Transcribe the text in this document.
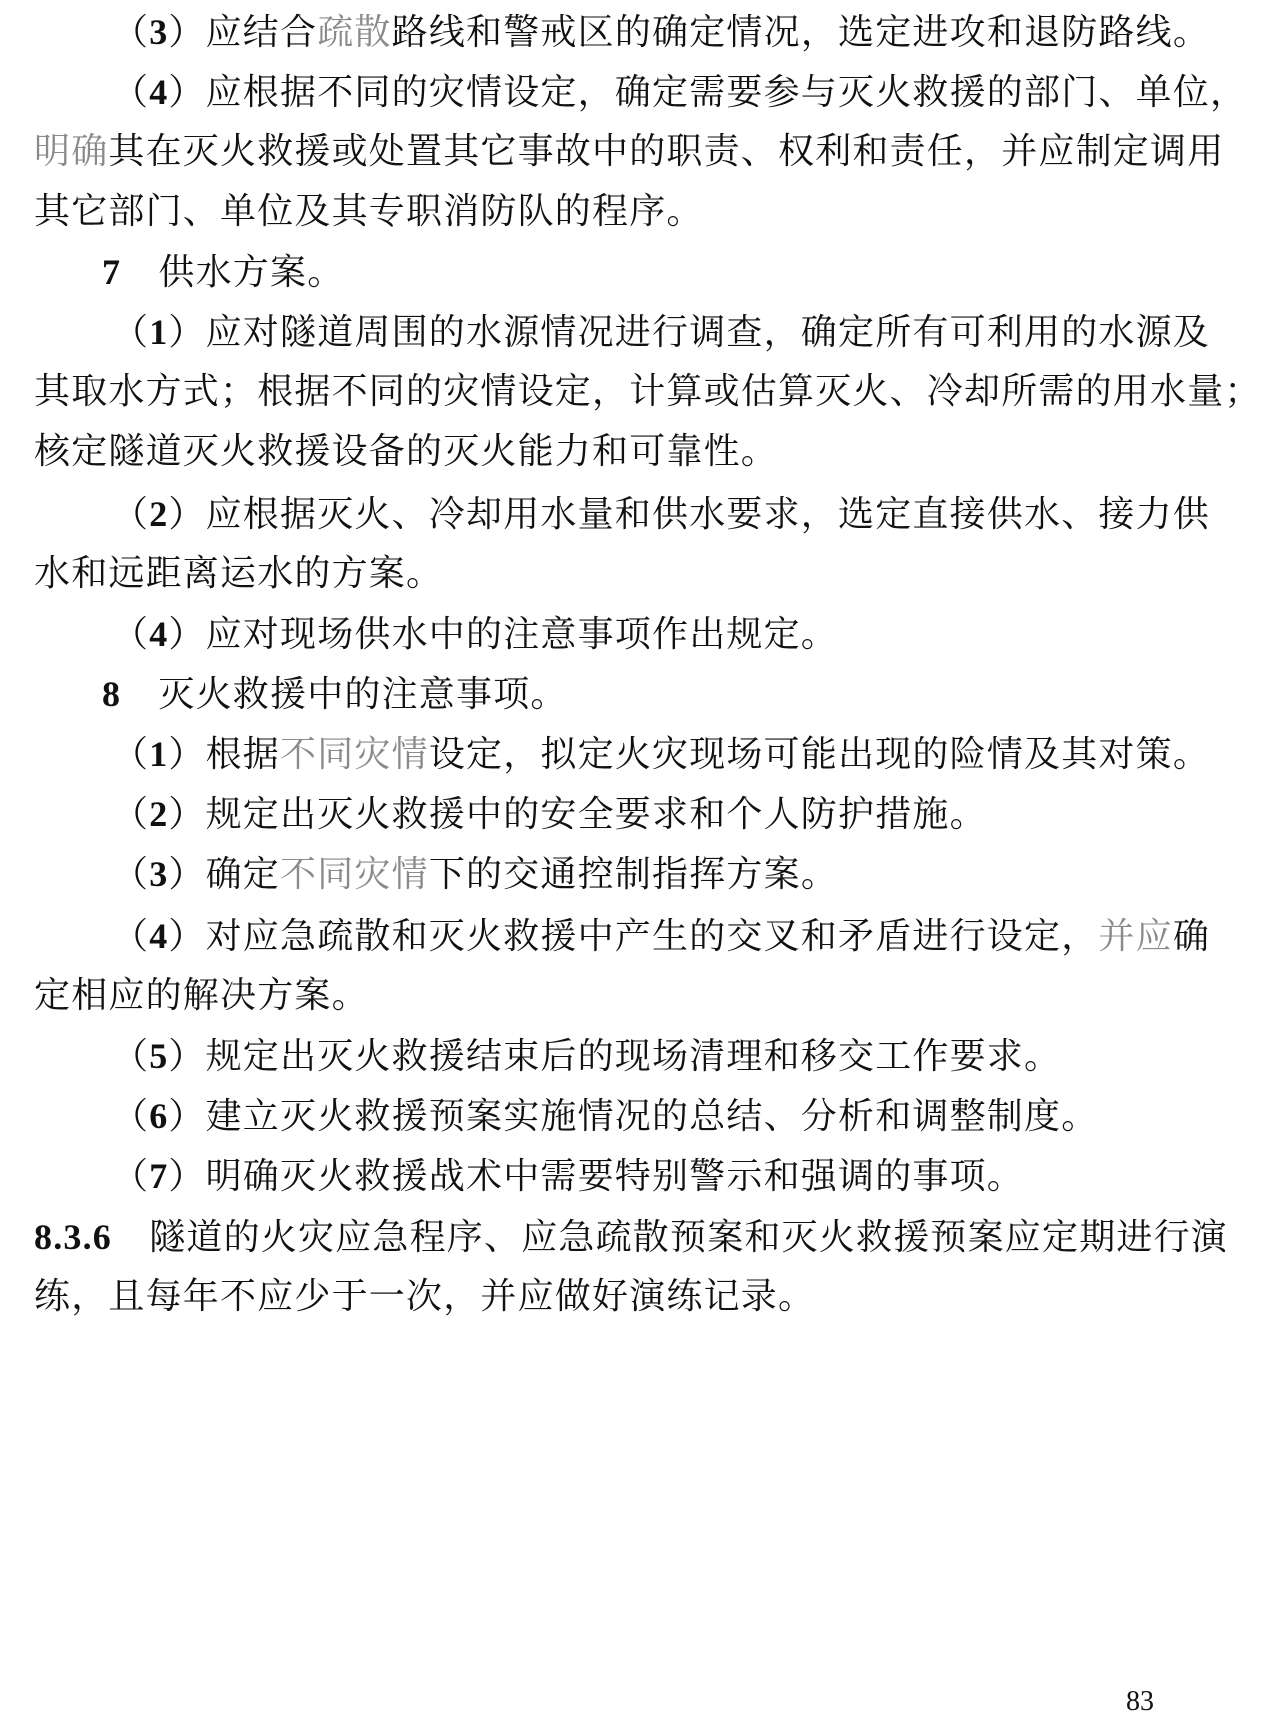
（3）应结合疏散路线和警戒区的确定情况，选定进攻和退防路线。
（4）应根据不同的灾情设定，确定需要参与灭火救援的部门、单位，
明确其在灭火救援或处置其它事故中的职责、权利和责任，并应制定调用
其它部门、单位及其专职消防队的程序。
7　供水方案。
（1）应对隧道周围的水源情况进行调查，确定所有可利用的水源及
其取水方式；根据不同的灾情设定，计算或估算灭火、冷却所需的用水量；
核定隧道灭火救援设备的灭火能力和可靠性。
（2）应根据灭火、冷却用水量和供水要求，选定直接供水、接力供
水和远距离运水的方案。
（4）应对现场供水中的注意事项作出规定。
8　灭火救援中的注意事项。
（1）根据不同灾情设定，拟定火灾现场可能出现的险情及其对策。
（2）规定出灭火救援中的安全要求和个人防护措施。
（3）确定不同灾情下的交通控制指挥方案。
（4）对应急疏散和灭火救援中产生的交叉和矛盾进行设定，并应确
定相应的解决方案。
（5）规定出灭火救援结束后的现场清理和移交工作要求。
（6）建立灭火救援预案实施情况的总结、分析和调整制度。
（7）明确灭火救援战术中需要特别警示和强调的事项。
8.3.6　隧道的火灾应急程序、应急疏散预案和灭火救援预案应定期进行演
练，且每年不应少于一次，并应做好演练记录。
83
